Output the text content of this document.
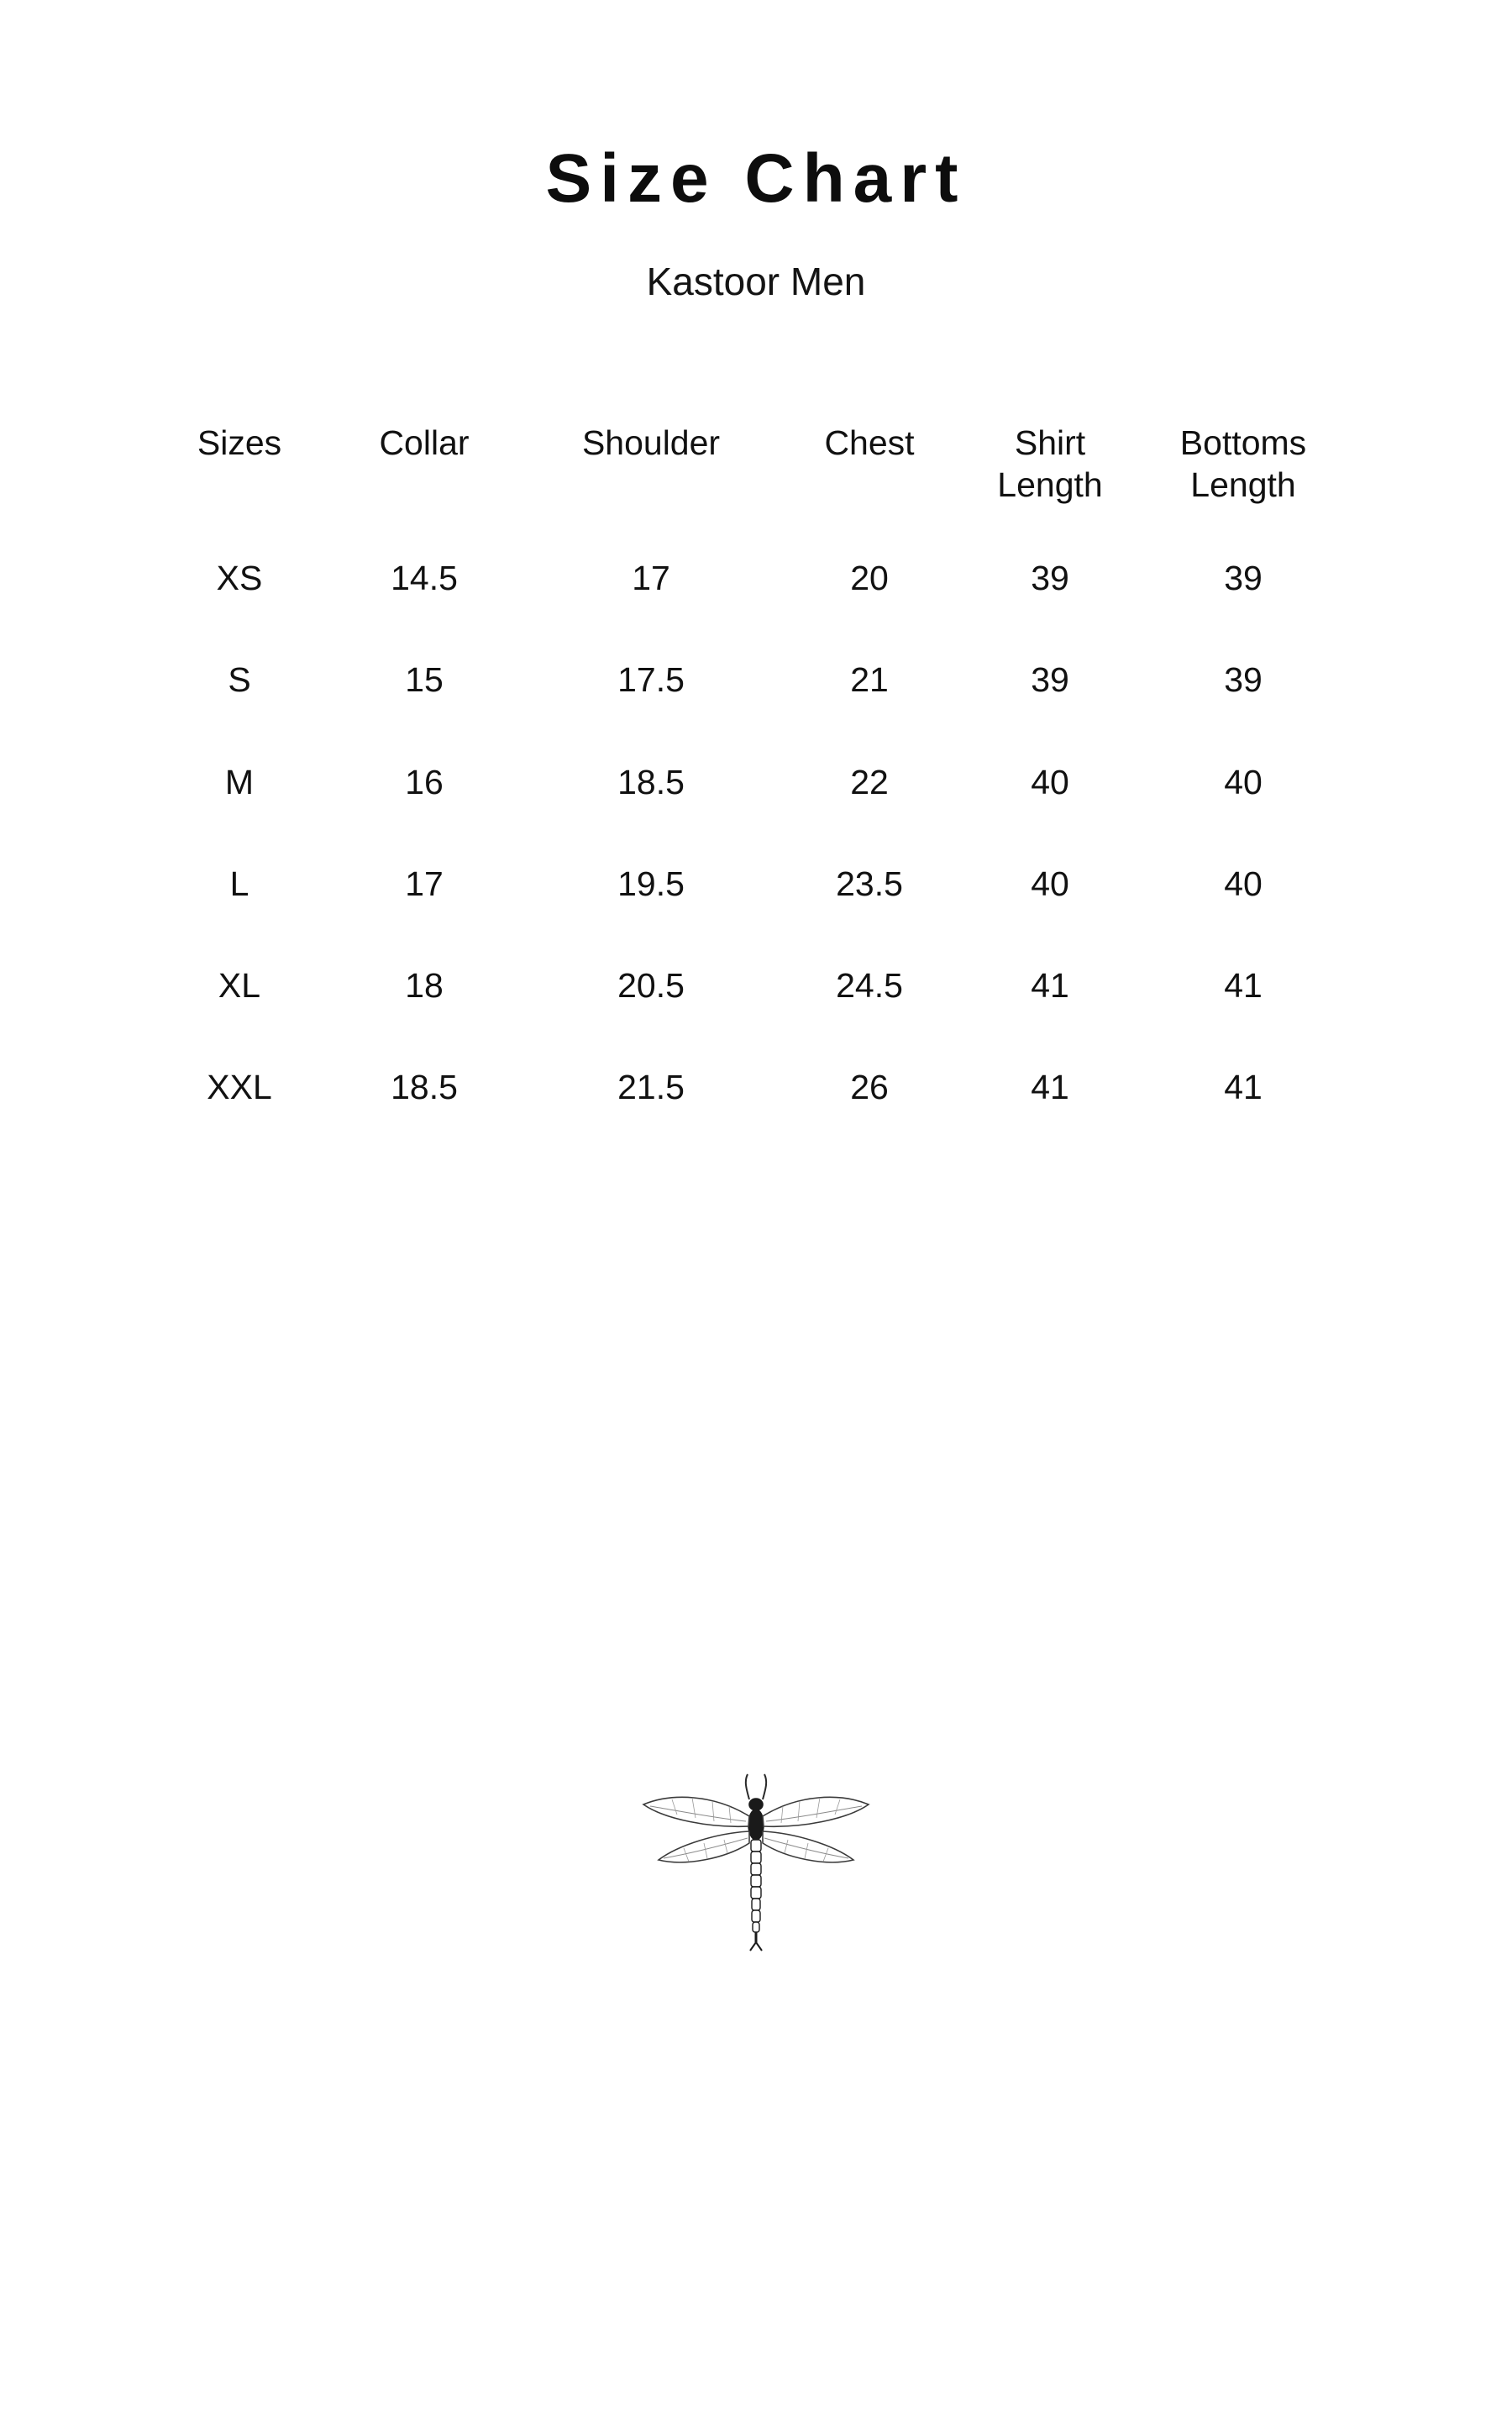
Size Chart
Kastoor Men
Sizes	Collar	Shoulder	Chest	Shirt Length	Bottoms Length
XS	14.5	17	20	39	39
S	15	17.5	21	39	39
M	16	18.5	22	40	40
L	17	19.5	23.5	40	40
XL	18	20.5	24.5	41	41
XXL	18.5	21.5	26	41	41
